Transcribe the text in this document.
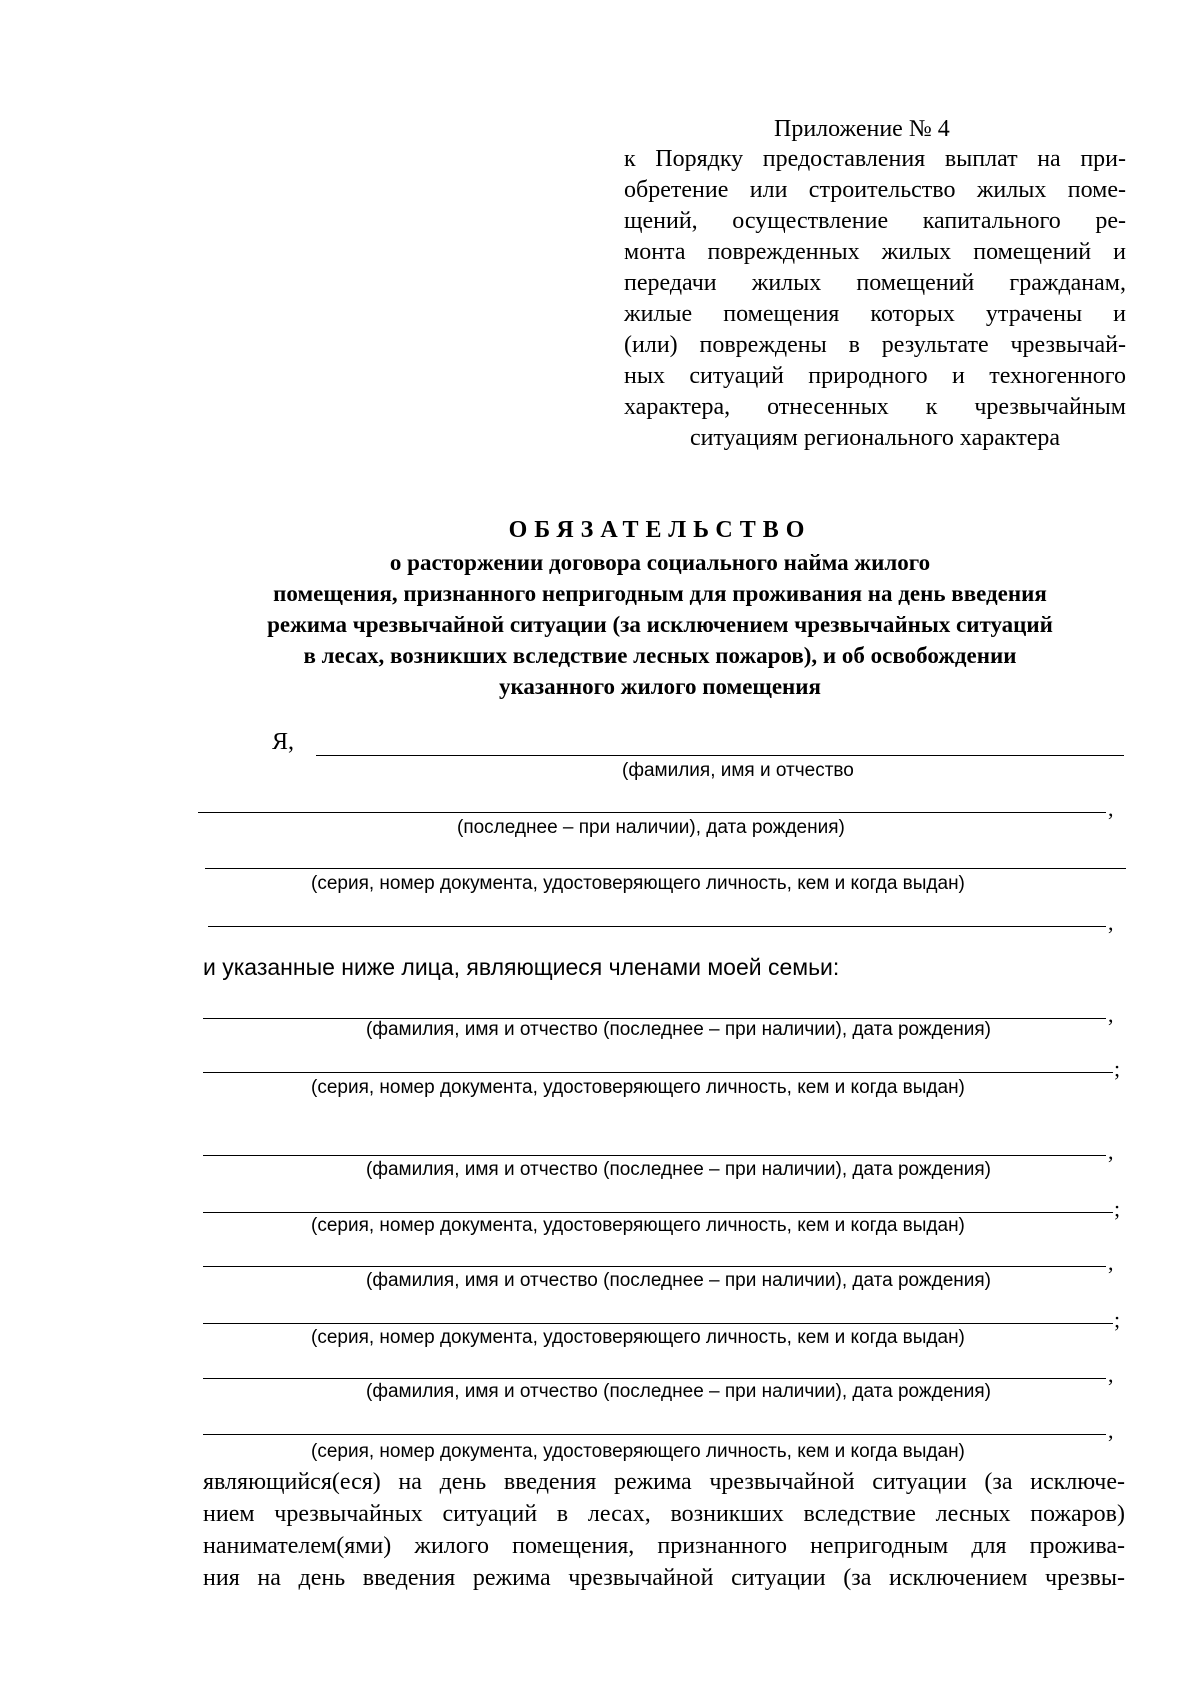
Приложение № 4
к Порядку предоставления выплат на при-
обретение или строительство жилых поме-
щений, осуществление капитального ре-
монта поврежденных жилых помещений и
передачи жилых помещений гражданам,
жилые помещения которых утрачены и
(или) повреждены в результате чрезвычай-
ных ситуаций природного и техногенного
характера, отнесенных к чрезвычайным
ситуациям регионального характера
ОБЯЗАТЕЛЬСТВО
о расторжении договора социального найма жилого
помещения, признанного непригодным для проживания на день введения
режима чрезвычайной ситуации (за исключением чрезвычайных ситуаций
в лесах, возникших вследствие лесных пожаров), и об освобождении
указанного жилого помещения
Я,
(фамилия, имя и отчество
,
(последнее – при наличии), дата рождения)
(серия, номер документа, удостоверяющего личность, кем и когда выдан)
,
и указанные ниже лица, являющиеся членами моей семьи:
,
(фамилия, имя и отчество (последнее – при наличии), дата рождения)
;
(серия, номер документа, удостоверяющего личность, кем и когда выдан)
,
(фамилия, имя и отчество (последнее – при наличии), дата рождения)
;
(серия, номер документа, удостоверяющего личность, кем и когда выдан)
,
(фамилия, имя и отчество (последнее – при наличии), дата рождения)
;
(серия, номер документа, удостоверяющего личность, кем и когда выдан)
,
(фамилия, имя и отчество (последнее – при наличии), дата рождения)
,
(серия, номер документа, удостоверяющего личность, кем и когда выдан)
являющийся(еся) на день введения режима чрезвычайной ситуации (за исключе-
нием чрезвычайных ситуаций в лесах, возникших вследствие лесных пожаров)
нанимателем(ями) жилого помещения, признанного непригодным для прожива-
ния на день введения режима чрезвычайной ситуации (за исключением чрезвы-
